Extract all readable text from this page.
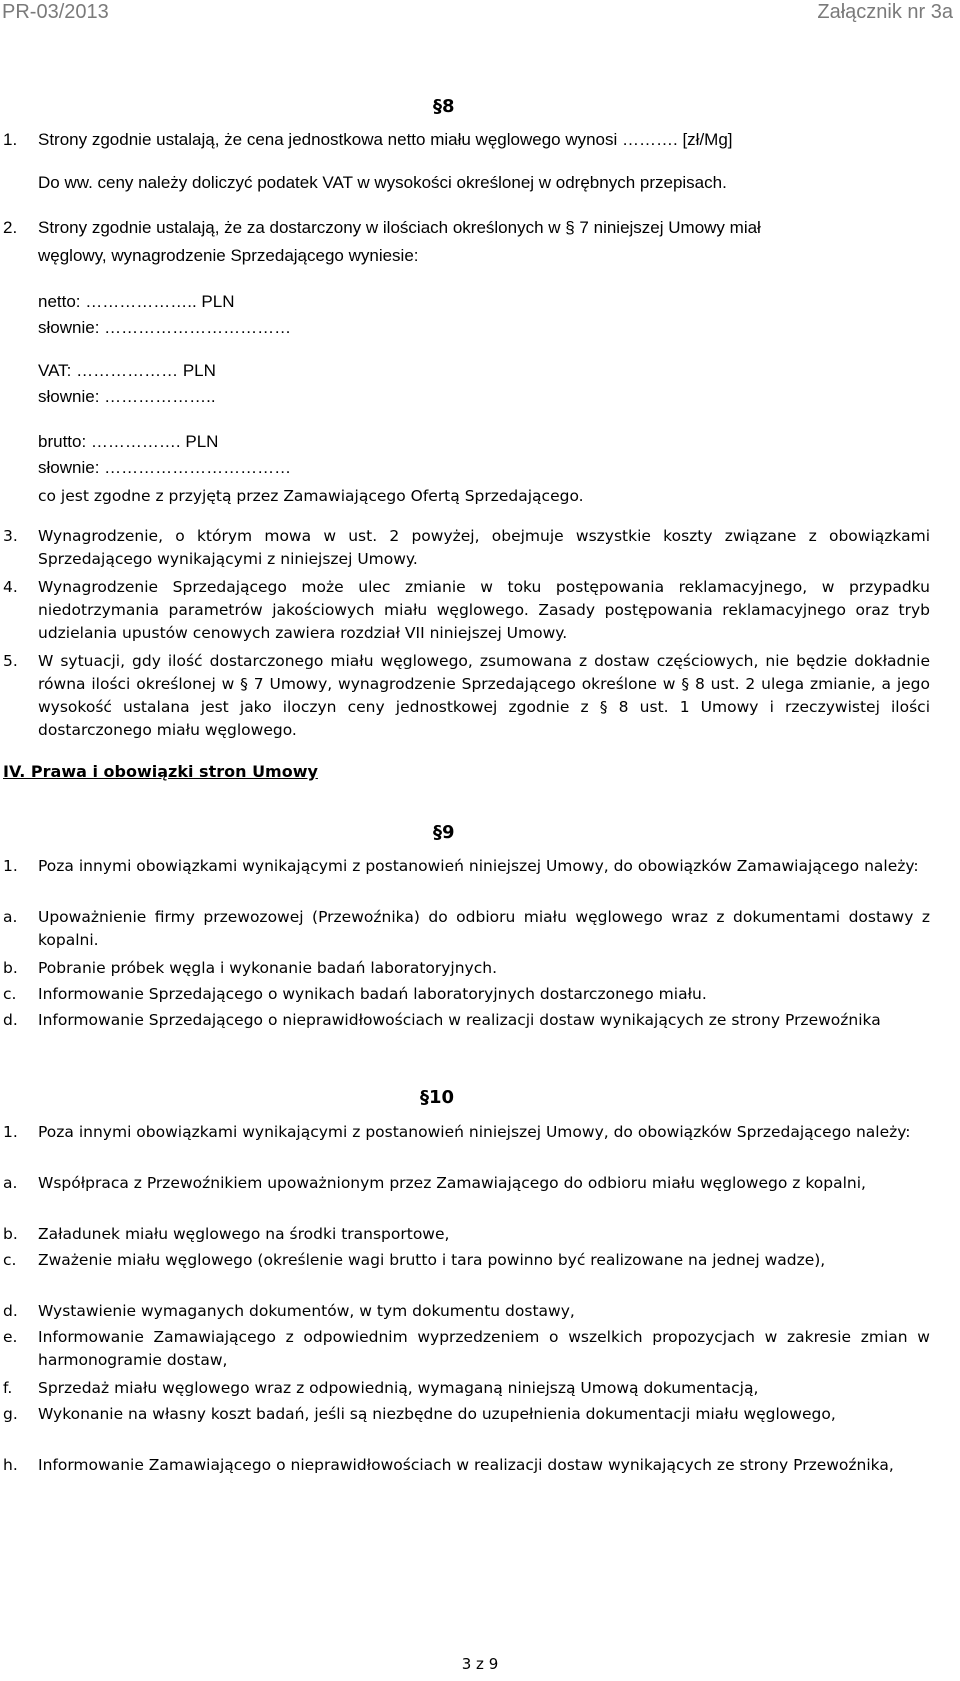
PR-03/2013	Załącznik nr 3a
§8
1. Strony zgodnie ustalają, że cena jednostkowa netto miału węglowego wynosi ………. [zł/Mg]
Do ww. ceny należy doliczyć podatek VAT w wysokości określonej w odrębnych przepisach.
2. Strony zgodnie ustalają, że za dostarczony w ilościach określonych w § 7 niniejszej Umowy miał
węglowy, wynagrodzenie Sprzedającego wyniesie:
netto: ……………….. PLN
słownie: ……………………………
VAT: ……………… PLN
słownie: ………………..
brutto: ……………. PLN
słownie: ……………………………
co jest zgodne z przyjętą przez Zamawiającego Ofertą Sprzedającego.
3. Wynagrodzenie, o którym mowa w ust. 2 powyżej, obejmuje wszystkie koszty związane z obowiązkami Sprzedającego wynikającymi z niniejszej Umowy.
4. Wynagrodzenie Sprzedającego może ulec zmianie w toku postępowania reklamacyjnego, w przypadku niedotrzymania parametrów jakościowych miału węglowego. Zasady postępowania reklamacyjnego oraz tryb udzielania upustów cenowych zawiera rozdział VII niniejszej Umowy.
5. W sytuacji, gdy ilość dostarczonego miału węglowego, zsumowana z dostaw częściowych, nie będzie dokładnie równa ilości określonej w § 7 Umowy, wynagrodzenie Sprzedającego określone w § 8 ust. 2 ulega zmianie, a jego wysokość ustalana jest jako iloczyn ceny jednostkowej zgodnie z § 8 ust. 1 Umowy i rzeczywistej ilości dostarczonego miału węglowego.
IV. Prawa i obowiązki stron Umowy
§9
1. Poza innymi obowiązkami wynikającymi z postanowień niniejszej Umowy, do obowiązków Zamawiającego należy:
a. Upoważnienie firmy przewozowej (Przewoźnika) do odbioru miału węglowego wraz z dokumentami dostawy z kopalni.
b. Pobranie próbek węgla i wykonanie badań laboratoryjnych.
c. Informowanie Sprzedającego o wynikach badań laboratoryjnych dostarczonego miału.
d. Informowanie Sprzedającego o nieprawidłowościach w realizacji dostaw wynikających ze strony Przewoźnika
§10
1. Poza innymi obowiązkami wynikającymi z postanowień niniejszej Umowy, do obowiązków Sprzedającego należy:
a. Współpraca z Przewoźnikiem upoważnionym przez Zamawiającego do odbioru miału węglowego z kopalni,
b. Załadunek miału węglowego na środki transportowe,
c. Zważenie miału węglowego (określenie wagi brutto i tara powinno być realizowane na jednej wadze),
d. Wystawienie wymaganych dokumentów, w tym dokumentu dostawy,
e. Informowanie Zamawiającego z odpowiednim wyprzedzeniem o wszelkich propozycjach w zakresie zmian w harmonogramie dostaw,
f. Sprzedaż miału węglowego wraz z odpowiednią, wymaganą niniejszą Umową dokumentacją,
g. Wykonanie na własny koszt badań, jeśli są niezbędne do uzupełnienia dokumentacji miału węglowego,
h. Informowanie Zamawiającego o nieprawidłowościach w realizacji dostaw wynikających ze strony Przewoźnika,
3 z 9
